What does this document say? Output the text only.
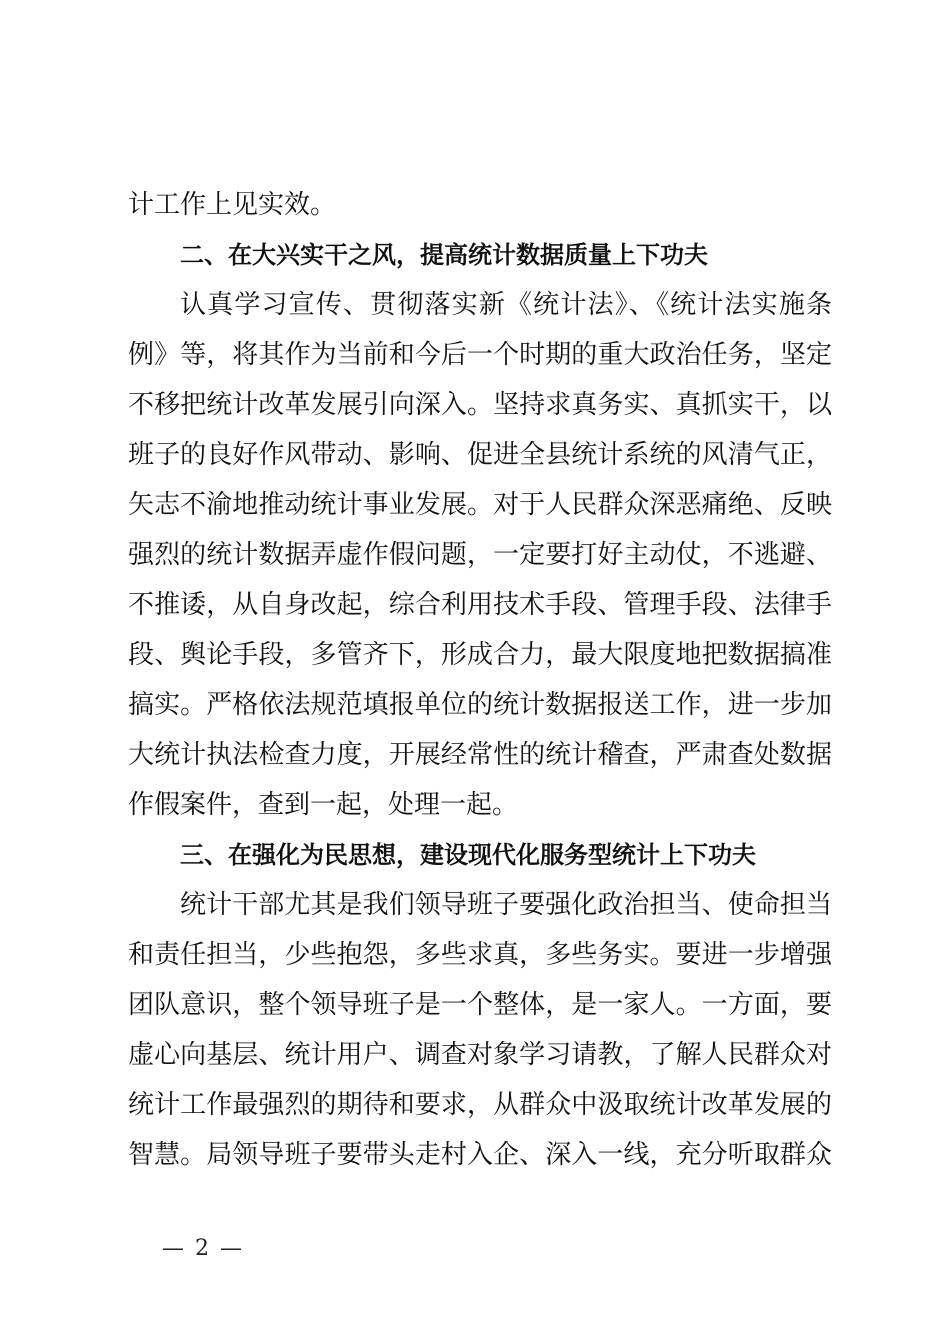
计工作上见实效。
二、在大兴实干之风，提高统计数据质量上下功夫
认真学习宣传、贯彻落实新《统计法》、《统计法实施条
例》等，将其作为当前和今后一个时期的重大政治任务，坚定
不移把统计改革发展引向深入。坚持求真务实、真抓实干，以
班子的良好作风带动、影响、促进全县统计系统的风清气正，
矢志不渝地推动统计事业发展。对于人民群众深恶痛绝、反映
强烈的统计数据弄虚作假问题，一定要打好主动仗，不逃避、
不推诿，从自身改起，综合利用技术手段、管理手段、法律手
段、舆论手段，多管齐下，形成合力，最大限度地把数据搞准
搞实。严格依法规范填报单位的统计数据报送工作，进一步加
大统计执法检查力度，开展经常性的统计稽查，严肃查处数据
作假案件，查到一起，处理一起。
三、在强化为民思想，建设现代化服务型统计上下功夫
统计干部尤其是我们领导班子要强化政治担当、使命担当
和责任担当，少些抱怨，多些求真，多些务实。要进一步增强
团队意识，整个领导班子是一个整体，是一家人。一方面，要
虚心向基层、统计用户、调查对象学习请教，了解人民群众对
统计工作最强烈的期待和要求，从群众中汲取统计改革发展的
智慧。局领导班子要带头走村入企、深入一线，充分听取群众
— 2 —
